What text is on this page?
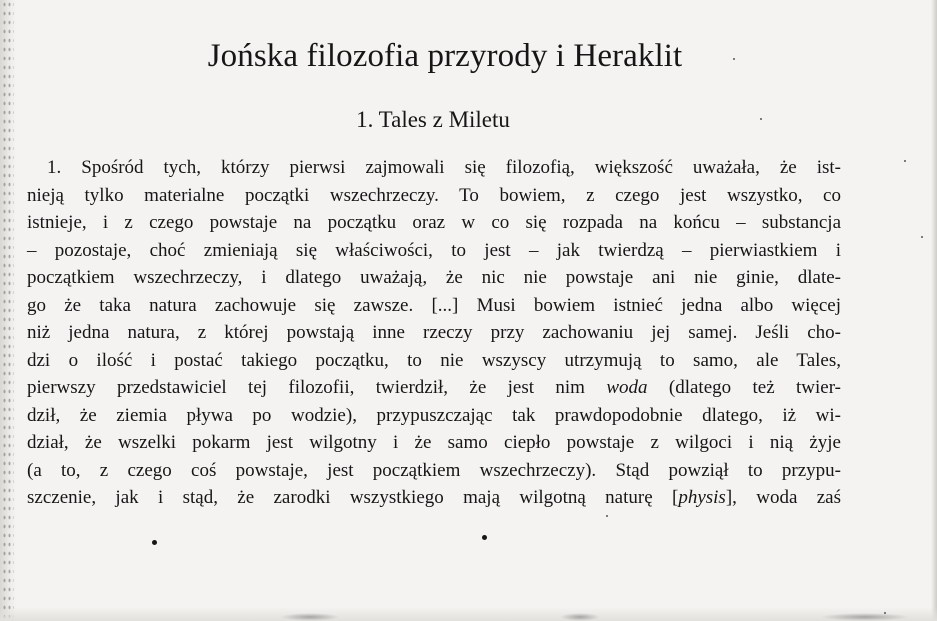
Jońska filozofia przyrody i Heraklit
1. Tales z Miletu
1. Spośród tych, którzy pierwsi zajmowali się filozofią, większość uważała, że ist-
nieją tylko materialne początki wszechrzeczy. To bowiem, z czego jest wszystko, co
istnieje, i z czego powstaje na początku oraz w co się rozpada na końcu – substancja
– pozostaje, choć zmieniają się właściwości, to jest – jak twierdzą – pierwiastkiem i
początkiem wszechrzeczy, i dlatego uważają, że nic nie powstaje ani nie ginie, dlate-
go że taka natura zachowuje się zawsze. [...] Musi bowiem istnieć jedna albo więcej
niż jedna natura, z której powstają inne rzeczy przy zachowaniu jej samej. Jeśli cho-
dzi o ilość i postać takiego początku, to nie wszyscy utrzymują to samo, ale Tales,
pierwszy przedstawiciel tej filozofii, twierdził, że jest nim woda (dlatego też twier-
dził, że ziemia pływa po wodzie), przypuszczając tak prawdopodobnie dlatego, iż wi-
dział, że wszelki pokarm jest wilgotny i że samo ciepło powstaje z wilgoci i nią żyje
(a to, z czego coś powstaje, jest początkiem wszechrzeczy). Stąd powziął to przypu-
szczenie, jak i stąd, że zarodki wszystkiego mają wilgotną naturę [physis], woda zaś
